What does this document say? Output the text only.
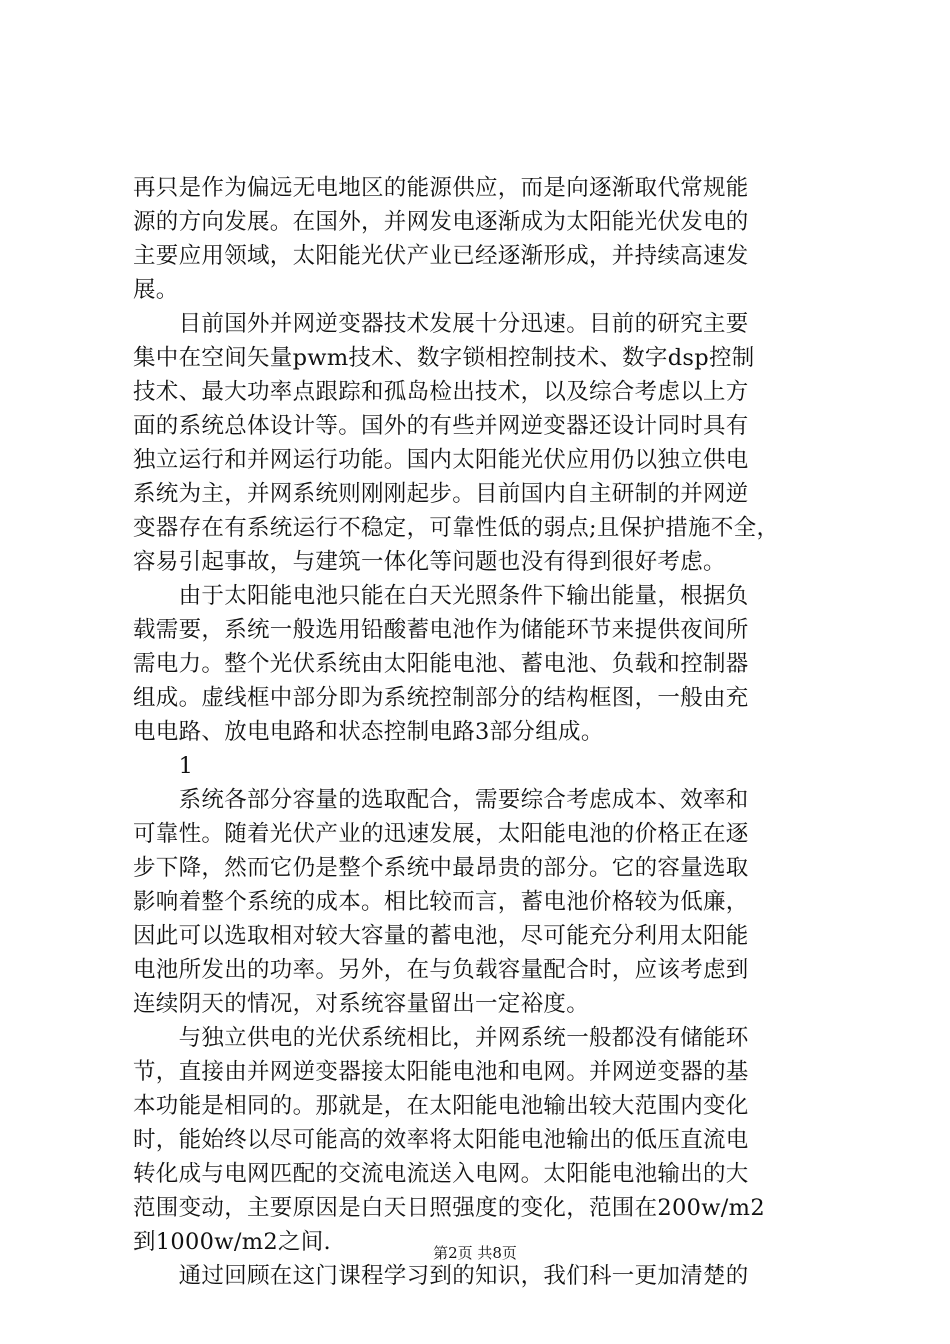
再只是作为偏远无电地区的能源供应，而是向逐渐取代常规能
源的方向发展。在国外，并网发电逐渐成为太阳能光伏发电的
主要应用领域，太阳能光伏产业已经逐渐形成，并持续高速发
展。
　　目前国外并网逆变器技术发展十分迅速。目前的研究主要
集中在空间矢量pwm技术、数字锁相控制技术、数字dsp控制
技术、最大功率点跟踪和孤岛检出技术，以及综合考虑以上方
面的系统总体设计等。国外的有些并网逆变器还设计同时具有
独立运行和并网运行功能。国内太阳能光伏应用仍以独立供电
系统为主，并网系统则刚刚起步。目前国内自主研制的并网逆
变器存在有系统运行不稳定，可靠性低的弱点;且保护措施不全，
容易引起事故，与建筑一体化等问题也没有得到很好考虑。
　　由于太阳能电池只能在白天光照条件下输出能量，根据负
载需要，系统一般选用铅酸蓄电池作为储能环节来提供夜间所
需电力。整个光伏系统由太阳能电池、蓄电池、负载和控制器
组成。虚线框中部分即为系统控制部分的结构框图，一般由充
电电路、放电电路和状态控制电路3部分组成。
　　1
　　系统各部分容量的选取配合，需要综合考虑成本、效率和
可靠性。随着光伏产业的迅速发展，太阳能电池的价格正在逐
步下降，然而它仍是整个系统中最昂贵的部分。它的容量选取
影响着整个系统的成本。相比较而言，蓄电池价格较为低廉，
因此可以选取相对较大容量的蓄电池，尽可能充分利用太阳能
电池所发出的功率。另外，在与负载容量配合时，应该考虑到
连续阴天的情况，对系统容量留出一定裕度。
　　与独立供电的光伏系统相比，并网系统一般都没有储能环
节，直接由并网逆变器接太阳能电池和电网。并网逆变器的基
本功能是相同的。那就是，在太阳能电池输出较大范围内变化
时，能始终以尽可能高的效率将太阳能电池输出的低压直流电
转化成与电网匹配的交流电流送入电网。太阳能电池输出的大
范围变动，主要原因是白天日照强度的变化，范围在200w/m2
到1000w/m2之间.
　　通过回顾在这门课程学习到的知识，我们科一更加清楚的
第2页 共8页
